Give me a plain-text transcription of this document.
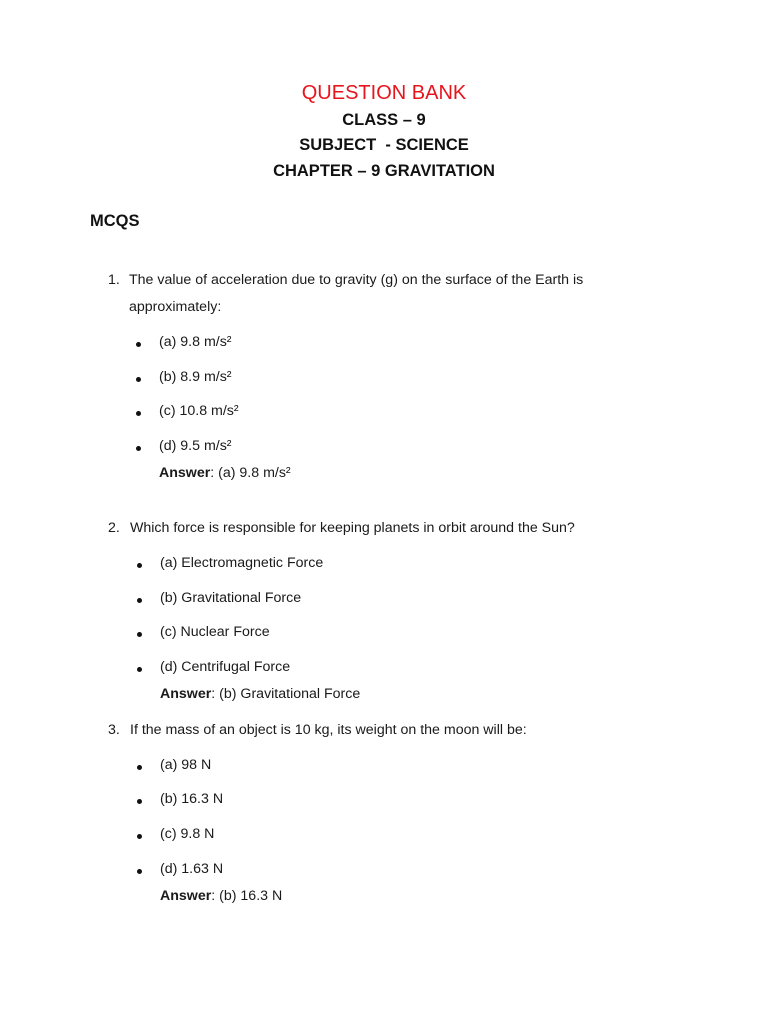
QUESTION BANK
CLASS – 9
SUBJECT  - SCIENCE
CHAPTER – 9 GRAVITATION
MCQS
1. The value of acceleration due to gravity (g) on the surface of the Earth is
approximately:
(a) 9.8 m/s²
(b) 8.9 m/s²
(c) 10.8 m/s²
(d) 9.5 m/s²
Answer: (a) 9.8 m/s²
2. Which force is responsible for keeping planets in orbit around the Sun?
(a) Electromagnetic Force
(b) Gravitational Force
(c) Nuclear Force
(d) Centrifugal Force
Answer: (b) Gravitational Force
3. If the mass of an object is 10 kg, its weight on the moon will be:
(a) 98 N
(b) 16.3 N
(c) 9.8 N
(d) 1.63 N
Answer: (b) 16.3 N
